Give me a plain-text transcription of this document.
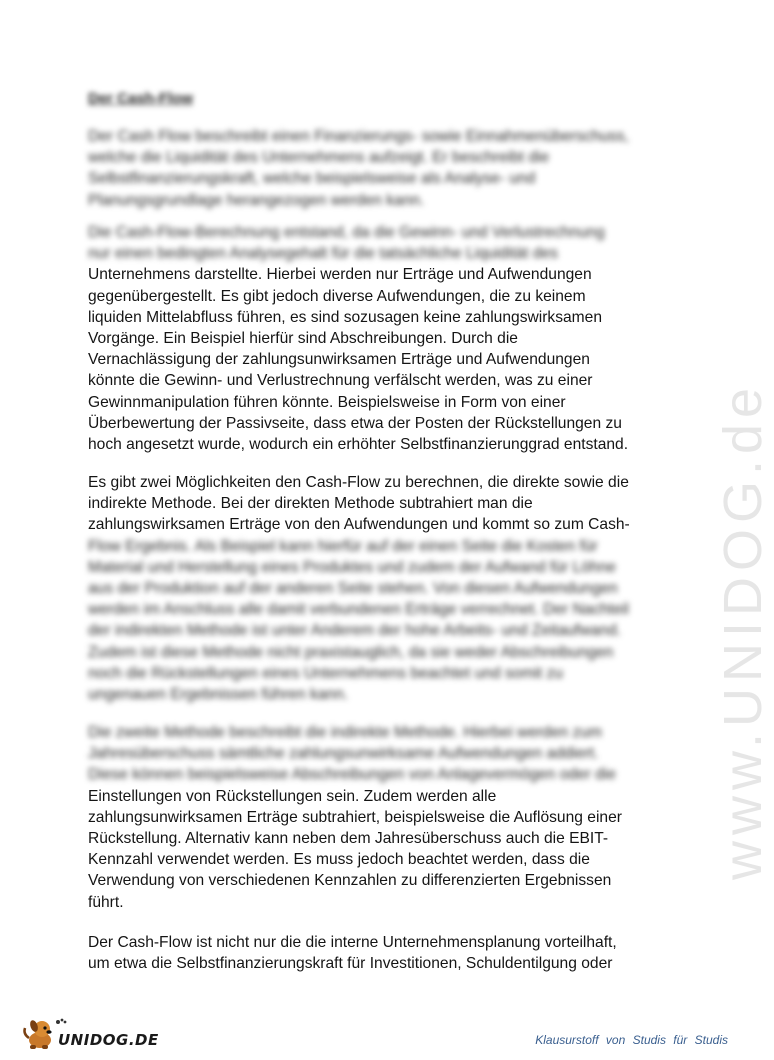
www.UNIDOG.de
Der Cash-Flow
Der Cash Flow beschreibt einen Finanzierungs- sowie Einnahmenüberschuss,
welche die Liquidität des Unternehmens aufzeigt. Er beschreibt die
Selbstfinanzierungskraft, welche beispielsweise als Analyse- und
Planungsgrundlage herangezogen werden kann.
Die Cash-Flow-Berechnung entstand, da die Gewinn- und Verlustrechnung
nur einen bedingten Analysegehalt für die tatsächliche Liquidität des
Unternehmens darstellte. Hierbei werden nur Erträge und Aufwendungen
gegenübergestellt. Es gibt jedoch diverse Aufwendungen, die zu keinem
liquiden Mittelabfluss führen, es sind sozusagen keine zahlungswirksamen
Vorgänge. Ein Beispiel hierfür sind Abschreibungen. Durch die
Vernachlässigung der zahlungsunwirksamen Erträge und Aufwendungen
könnte die Gewinn- und Verlustrechnung verfälscht werden, was zu einer
Gewinnmanipulation führen könnte. Beispielsweise in Form von einer
Überbewertung der Passivseite, dass etwa der Posten der Rückstellungen zu
hoch angesetzt wurde, wodurch ein erhöhter Selbstfinanzierunggrad entstand.
Es gibt zwei Möglichkeiten den Cash-Flow zu berechnen, die direkte sowie die
indirekte Methode. Bei der direkten Methode subtrahiert man die
zahlungswirksamen Erträge von den Aufwendungen und kommt so zum Cash-
Flow Ergebnis. Als Beispiel kann hierfür auf der einen Seite die Kosten für
Material und Herstellung eines Produktes und zudem der Aufwand für Löhne
aus der Produktion auf der anderen Seite stehen. Von diesen Aufwendungen
werden im Anschluss alle damit verbundenen Erträge verrechnet. Der Nachteil
der indirekten Methode ist unter Anderem der hohe Arbeits- und Zeitaufwand.
Zudem ist diese Methode nicht praxistauglich, da sie weder Abschreibungen
noch die Rückstellungen eines Unternehmens beachtet und somit zu
ungenauen Ergebnissen führen kann.
Die zweite Methode beschreibt die indirekte Methode. Hierbei werden zum
Jahresüberschuss sämtliche zahlungsunwirksame Aufwendungen addiert.
Diese können beispielsweise Abschreibungen von Anlagevermögen oder die
Einstellungen von Rückstellungen sein. Zudem werden alle
zahlungsunwirksamen Erträge subtrahiert, beispielsweise die Auflösung einer
Rückstellung. Alternativ kann neben dem Jahresüberschuss auch die EBIT-
Kennzahl verwendet werden. Es muss jedoch beachtet werden, dass die
Verwendung von verschiedenen Kennzahlen zu differenzierten Ergebnissen
führt.
Der Cash-Flow ist nicht nur die die interne Unternehmensplanung vorteilhaft,
um etwa die Selbstfinanzierungskraft für Investitionen, Schuldentilgung oder
UNIDOG.DE	Klausurstoff von Studis für Studis
